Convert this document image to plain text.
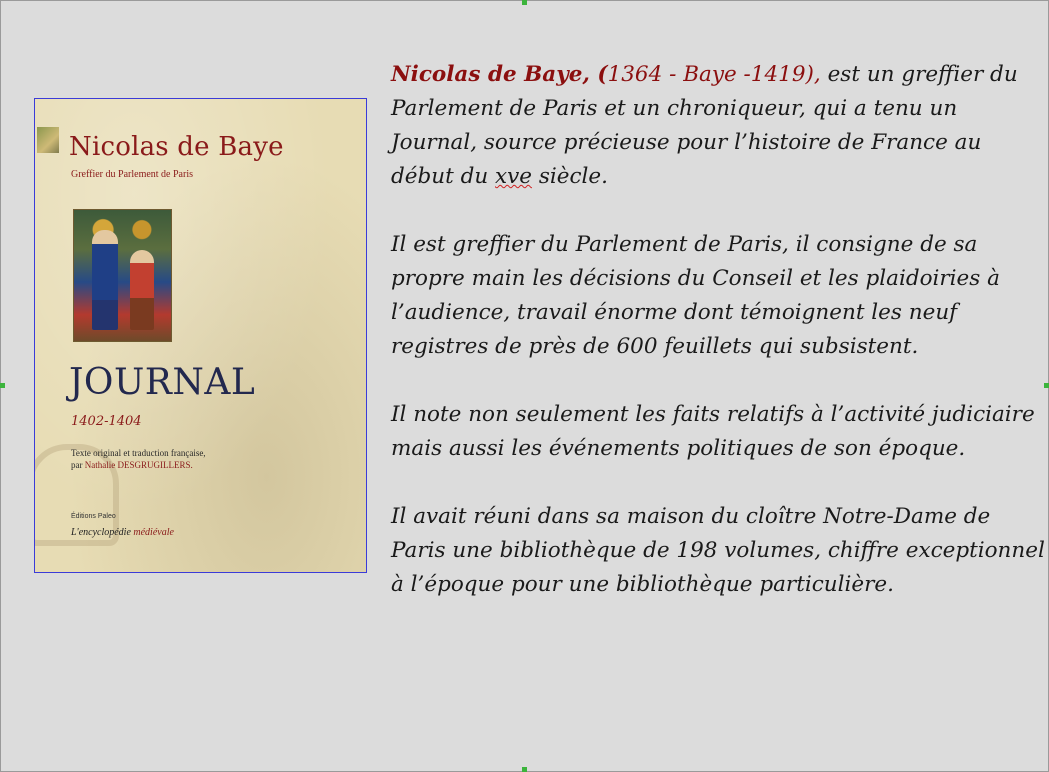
Nicolas de Baye
Greffier du Parlement de Paris
JOURNAL
1402-1404
Texte original et traduction française,
par Nathalie DESGRUGILLERS.
Éditions Paleo
L'encyclopédie médiévale

Nicolas de Baye, (1364 - Baye -1419), est un greffier du Parlement de Paris et un chroniqueur, qui a tenu un Journal, source précieuse pour l’histoire de France au début du xve siècle.

Il est greffier du Parlement de Paris, il consigne de sa propre main les décisions du Conseil et les plaidoiries à l’audience, travail énorme dont témoignent les neuf registres de près de 600 feuillets qui subsistent.

Il note non seulement les faits relatifs à l’activité judiciaire mais aussi les événements politiques de son époque.

Il avait réuni dans sa maison du cloître Notre-Dame de Paris une bibliothèque de 198 volumes, chiffre exceptionnel à l’époque pour une bibliothèque particulière.
